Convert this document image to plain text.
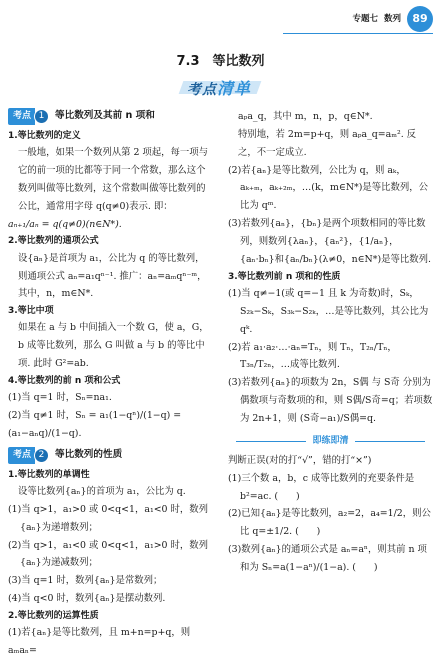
专题七 数列	89
7.3　等比数列
考点清单
考点 1	等比数列及其前 n 项和
1.等比数列的定义
一般地，如果一个数列从第 2 项起，每一项与它的前一项的比都等于同一个常数，那么这个数列叫做等比数列，这个常数叫做等比数列的公比，通常用字母 q(q≠0)表示. 即：
aₙ₊₁/aₙ = q(q≠0)(n∈N*).
2.等比数列的通项公式
设{aₙ}是首项为 a₁，公比为 q 的等比数列，则通项公式 aₙ=a₁qⁿ⁻¹. 推广：aₙ=aₘqⁿ⁻ᵐ，其中，n，m∈N*.
3.等比中项
如果在 a 与 b 中间插入一个数 G，使 a，G，b 成等比数列，那么 G 叫做 a 与 b 的等比中项. 此时 G²=ab.
4.等比数列的前 n 项和公式
(1)当 q=1 时，Sₙ=na₁.
(2)当 q≠1 时，Sₙ = a₁(1−qⁿ)/(1−q) = (a₁−aₙq)/(1−q).
考点 2	等比数列的性质
1.等比数列的单调性
设等比数列{aₙ}的首项为 a₁，公比为 q.
(1)当 q>1，a₁>0 或 0<q<1，a₁<0 时，数列{aₙ}为递增数列；
(2)当 q>1，a₁<0 或 0<q<1，a₁>0 时，数列{aₙ}为递减数列；
(3)当 q=1 时，数列{aₙ}是常数列；
(4)当 q<0 时，数列{aₙ}是摆动数列.
2.等比数列的运算性质
(1)若{aₙ}是等比数列，且 m+n=p+q，则 aₘaₙ=
aₚa_q，其中 m，n，p，q∈N*.
特别地，若 2m=p+q，则 aₚa_q=aₘ². 反之，不一定成立.
(2)若{aₙ}是等比数列，公比为 q，则 aₖ，aₖ₊ₘ，aₖ₊₂ₘ，…(k，m∈N*)是等比数列，公比为 qᵐ.
(3)若数列{aₙ}，{bₙ}是两个项数相同的等比数列，则数列{λaₙ}，{aₙ²}，{1/aₙ}，{aₙ·bₙ}和{aₙ/bₙ}(λ≠0，n∈N*)是等比数列.
3.等比数列前 n 项和的性质
(1)当 q≠−1(或 q=−1 且 k 为奇数)时，Sₖ，S₂ₖ−Sₖ，S₃ₖ−S₂ₖ，…是等比数列，其公比为 qᵏ.
(2)若 a₁·a₂·…·aₙ=Tₙ，则 Tₙ，T₂ₙ/Tₙ，T₃ₙ/T₂ₙ，…成等比数列.
(3)若数列{aₙ}的项数为 2n，S偶 与 S奇 分别为偶数项与奇数项的和，则 S偶/S奇=q；若项数为 2n+1，则 (S奇−a₁)/S偶=q.
即练即清
判断正误(对的打“√”，错的打“×”)
(1)三个数 a，b，c 成等比数列的充要条件是 b²=ac. (      )
(2)已知{aₙ}是等比数列，a₂=2，a₄=1/2，则公比 q=±1/2. (      )
(3)数列{aₙ}的通项公式是 aₙ=aⁿ，则其前 n 项和为 Sₙ=a(1−aⁿ)/(1−a). (      )
